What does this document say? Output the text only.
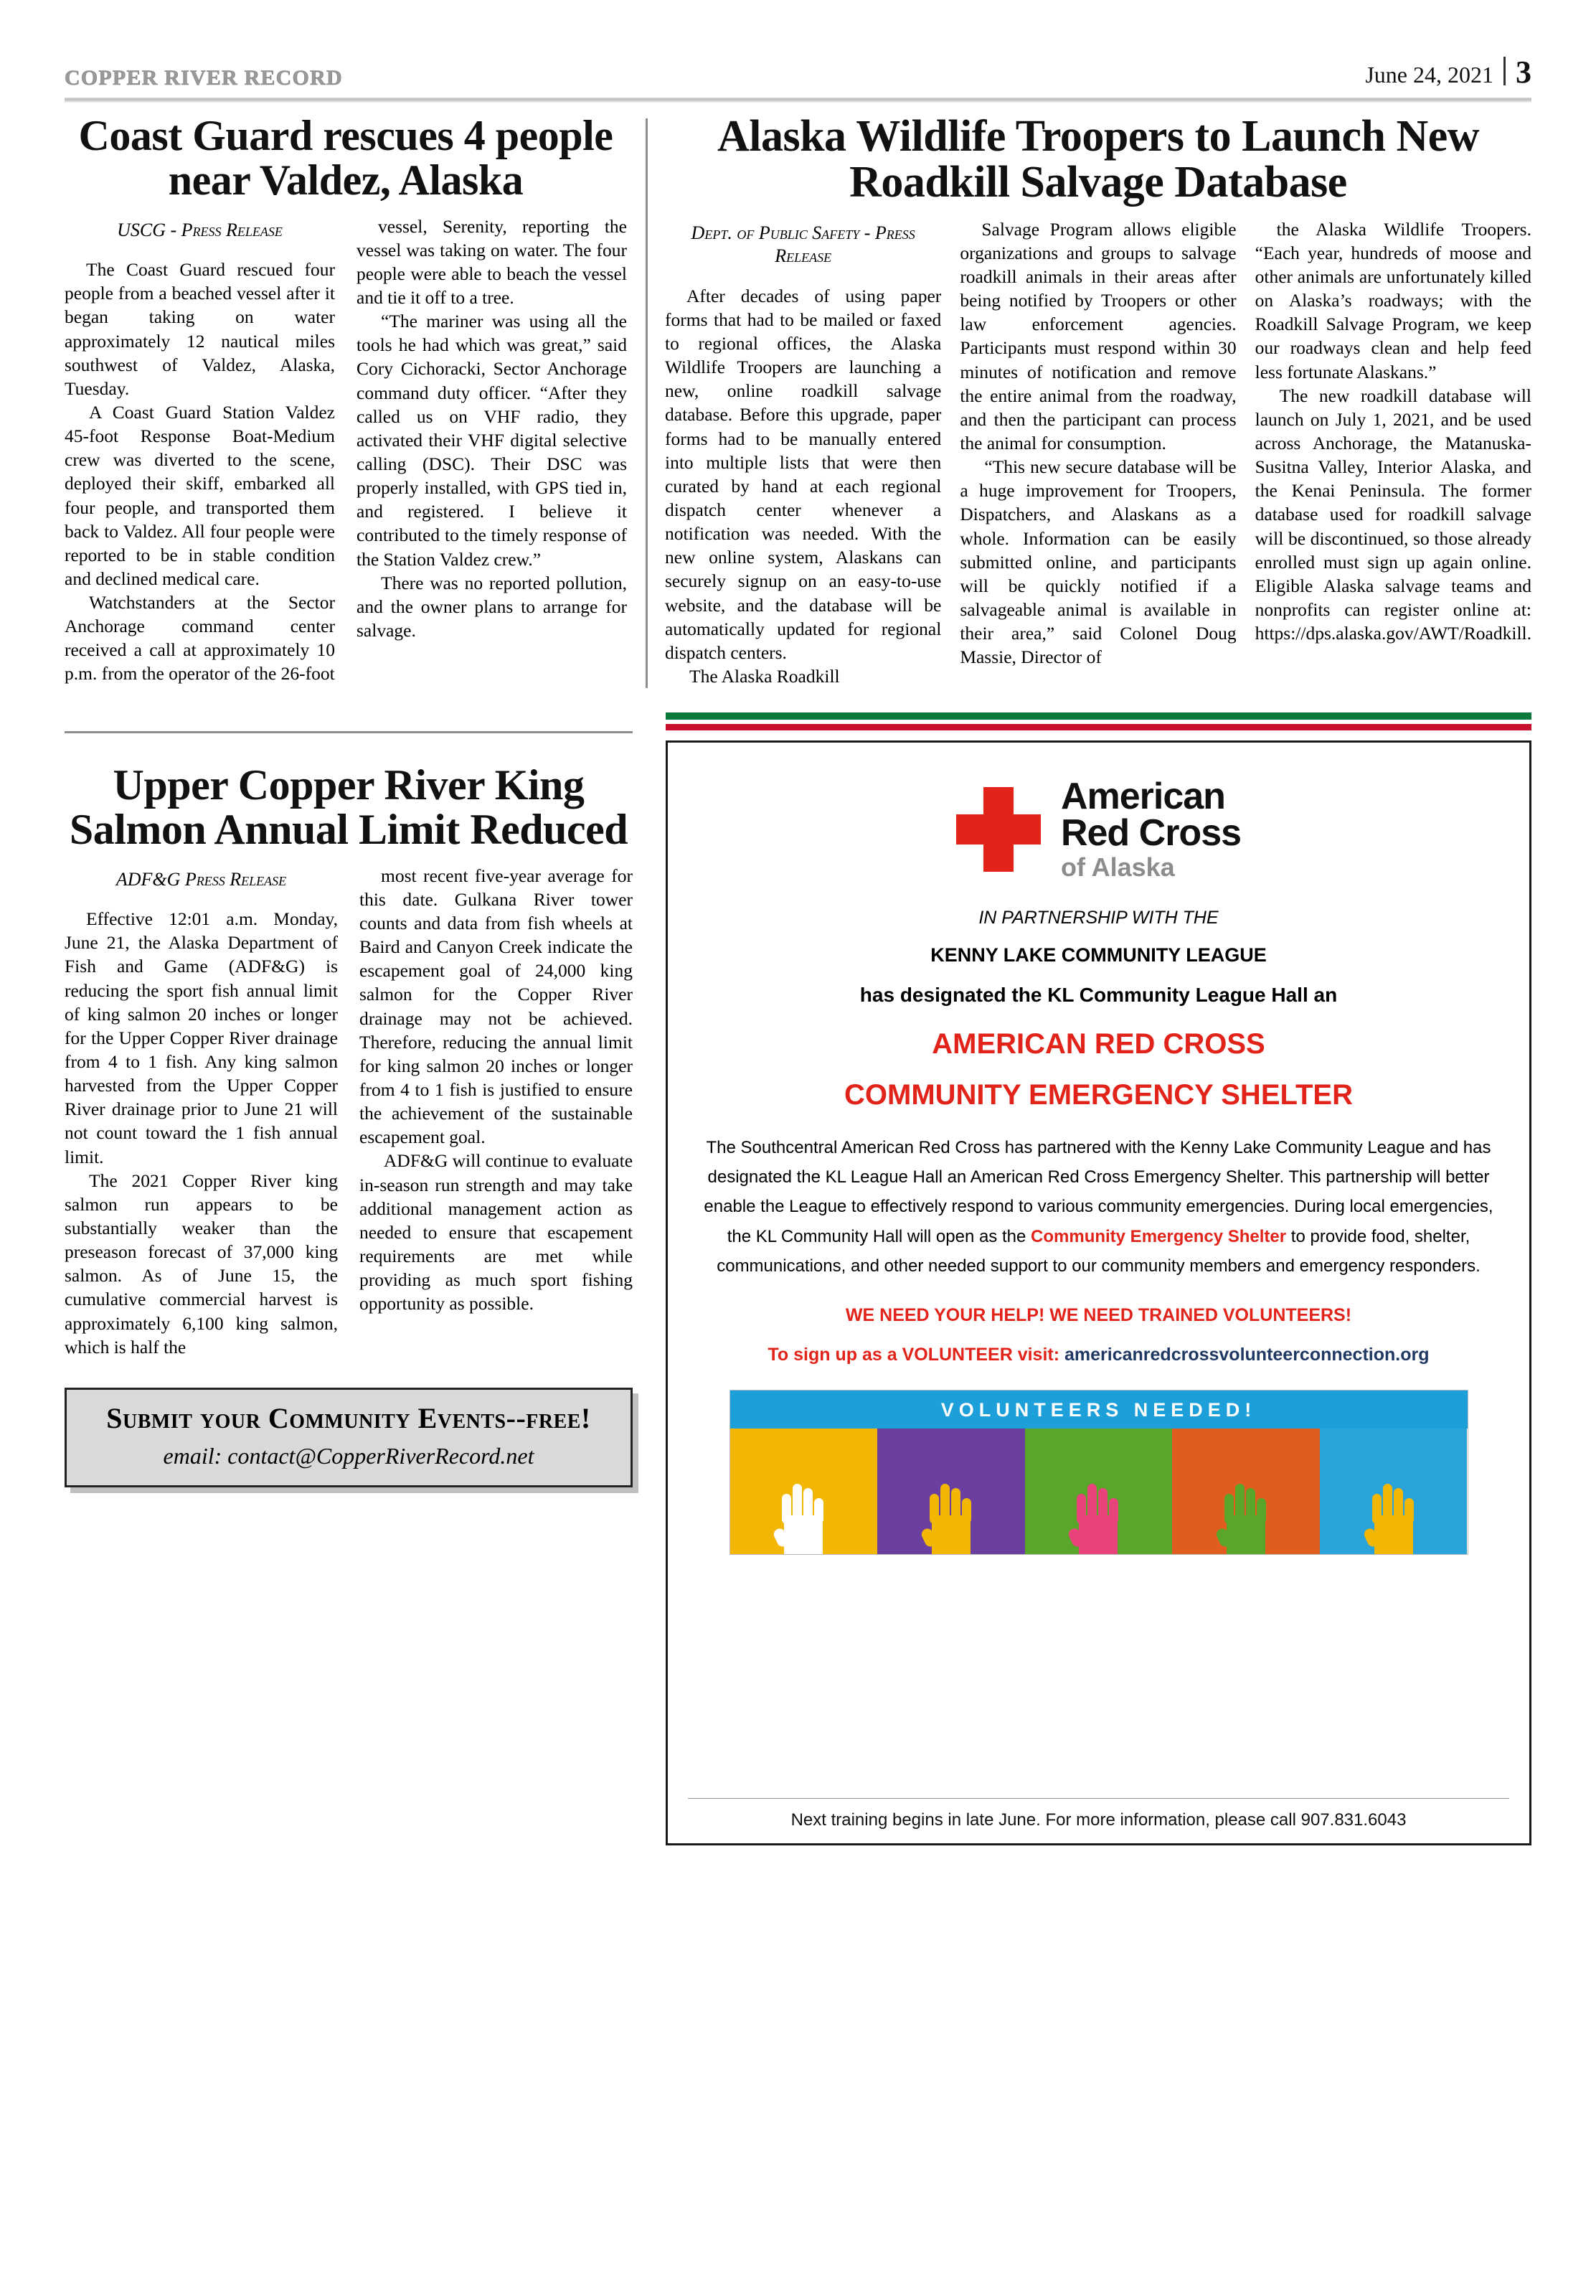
COPPER RIVER RECORD	June 24, 2021 3
Coast Guard rescues 4 people near Valdez, Alaska
USCG - Press Release

The Coast Guard rescued four people from a beached vessel after it began taking on water approximately 12 nautical miles southwest of Valdez, Alaska, Tuesday.

A Coast Guard Station Valdez 45-foot Response Boat-Medium crew was diverted to the scene, deployed their skiff, embarked all four people, and transported them back to Valdez. All four people were reported to be in stable condition and declined medical care.

Watchstanders at the Sector Anchorage command center received a call at approximately 10 p.m. from the operator of the 26-foot

vessel, Serenity, reporting the vessel was taking on water. The four people were able to beach the vessel and tie it off to a tree.

“The mariner was using all the tools he had which was great,” said Cory Cichoracki, Sector Anchorage command duty officer. “After they called us on VHF radio, they activated their VHF digital selective calling (DSC). Their DSC was properly installed, with GPS tied in, and registered. I believe it contributed to the timely response of the Station Valdez crew.”

There was no reported pollution, and the owner plans to arrange for salvage.

Alaska Wildlife Troopers to Launch New Roadkill Salvage Database
Dept. of Public Safety - Press Release

After decades of using paper forms that had to be mailed or faxed to regional offices, the Alaska Wildlife Troopers are launching a new, online roadkill salvage database. Before this upgrade, paper forms had to be manually entered into multiple lists that were then curated by hand at each regional dispatch center whenever a notification was needed. With the new online system, Alaskans can securely signup on an easy-to-use website, and the database will be automatically updated for regional dispatch centers.

The Alaska Roadkill

Salvage Program allows eligible organizations and groups to salvage roadkill animals in their areas after being notified by Troopers or other law enforcement agencies. Participants must respond within 30 minutes of notification and remove the entire animal from the roadway, and then the participant can process the animal for consumption.

“This new secure database will be a huge improvement for Troopers, Dispatchers, and Alaskans as a whole. Information can be easily submitted online, and participants will be quickly notified if a salvageable animal is available in their area,” said Colonel Doug Massie, Director of

the Alaska Wildlife Troopers. “Each year, hundreds of moose and other animals are unfortunately killed on Alaska’s roadways; with the Roadkill Salvage Program, we keep our roadways clean and help feed less fortunate Alaskans.”

The new roadkill database will launch on July 1, 2021, and be used across Anchorage, the Matanuska-Susitna Valley, Interior Alaska, and the Kenai Peninsula. The former database used for roadkill salvage will be discontinued, so those already enrolled must sign up again online. Eligible Alaska salvage teams and nonprofits can register online at: https://dps.alaska.gov/AWT/Roadkill.

Upper Copper River King Salmon Annual Limit Reduced
ADF&G Press Release

Effective 12:01 a.m. Monday, June 21, the Alaska Department of Fish and Game (ADF&G) is reducing the sport fish annual limit of king salmon 20 inches or longer for the Upper Copper River drainage from 4 to 1 fish. Any king salmon harvested from the Upper Copper River drainage prior to June 21 will not count toward the 1 fish annual limit.

The 2021 Copper River king salmon run appears to be substantially weaker than the preseason forecast of 37,000 king salmon. As of June 15, the cumulative commercial harvest is approximately 6,100 king salmon, which is half the

most recent five-year average for this date. Gulkana River tower counts and data from fish wheels at Baird and Canyon Creek indicate the escapement goal of 24,000 king salmon for the Copper River drainage may not be achieved. Therefore, reducing the annual limit for king salmon 20 inches or longer from 4 to 1 fish is justified to ensure the achievement of the sustainable escapement goal.

ADF&G will continue to evaluate in-season run strength and may take additional management action as needed to ensure that escapement requirements are met while providing as much sport fishing opportunity as possible.

Submit your Community Events--free!
email: contact@CopperRiverRecord.net
American
Red Cross
of Alaska
IN PARTNERSHIP WITH THE
KENNY LAKE COMMUNITY LEAGUE
has designated the KL Community League Hall an
AMERICAN RED CROSS
COMMUNITY EMERGENCY SHELTER

The Southcentral American Red Cross has partnered with the Kenny Lake Community League and has designated the KL League Hall an American Red Cross Emergency Shelter. This partnership will better enable the League to effectively respond to various community emergencies. During local emergencies, the KL Community Hall will open as the Community Emergency Shelter to provide food, shelter, communications, and other needed support to our community members and emergency responders.

WE NEED YOUR HELP! WE NEED TRAINED VOLUNTEERS!
To sign up as a VOLUNTEER visit: americanredcrossvolunteerconnection.org
VOLUNTEERS NEEDED!
Next training begins in late June. For more information, please call 907.831.6043
